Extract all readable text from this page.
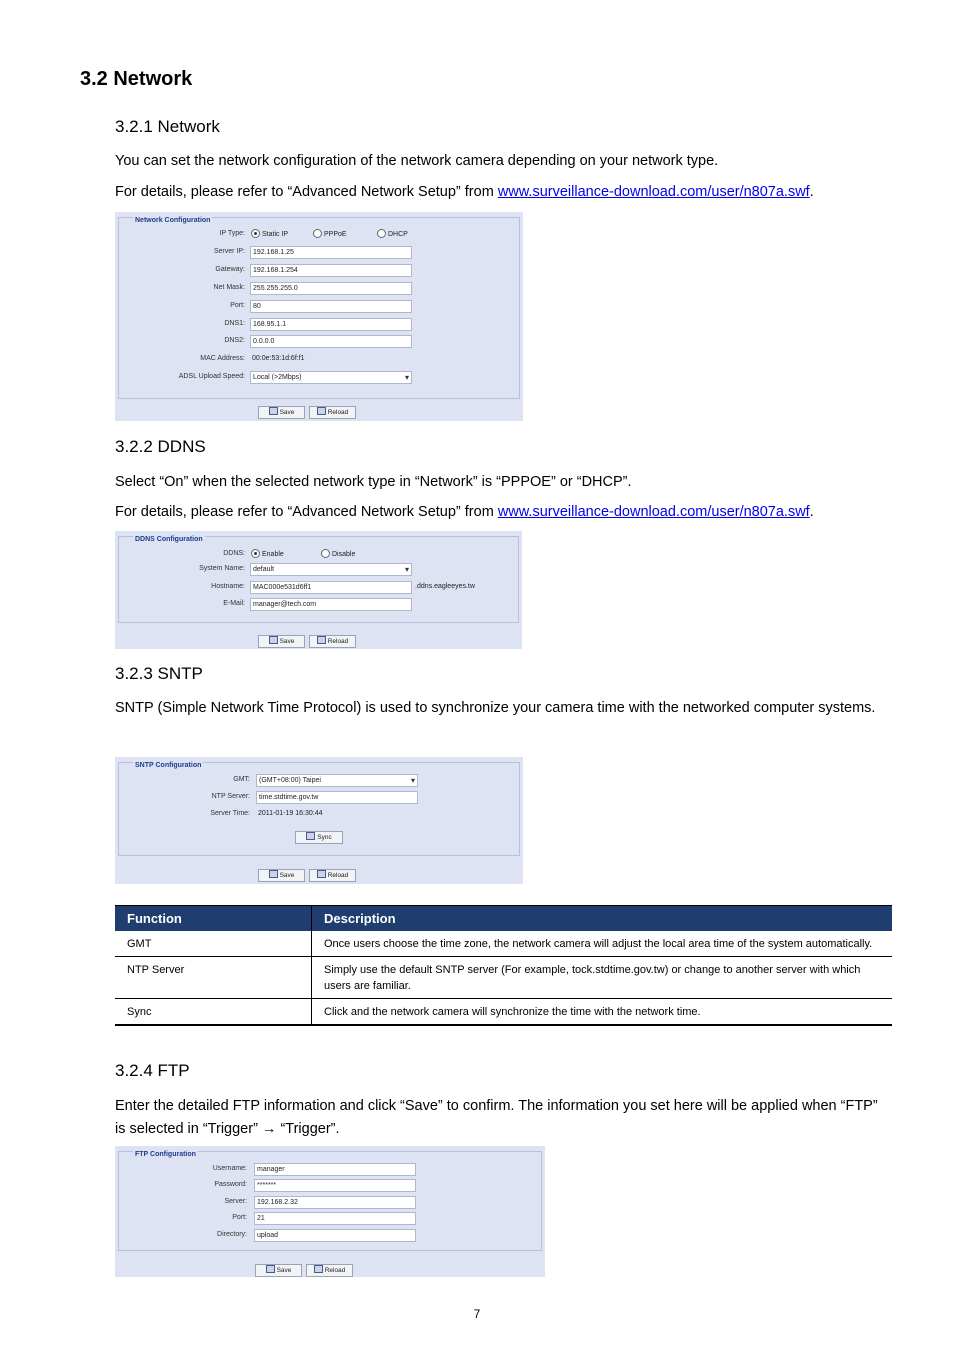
3.2 Network
3.2.1 Network

You can set the network configuration of the network camera depending on your network type.

For details, please refer to “Advanced Network Setup” from www.surveillance-download.com/user/n807a.swf.

Network Configuration
IP Type:	Static IP	PPPoE	DHCP
Server IP:	192.168.1.25
Gateway:	192.168.1.254
Net Mask:	255.255.255.0
Port:	80
DNS1:	168.95.1.1
DNS2:	0.0.0.0
MAC Address: 00:0e:53:1d:6f:f1
ADSL Upload Speed:	Local (>2Mbps) ▾
Save	Reload
3.2.2 DDNS

Select “On” when the selected network type in “Network” is “PPPOE” or “DHCP”.

For details, please refer to “Advanced Network Setup” from www.surveillance-download.com/user/n807a.swf.

DDNS Configuration
DDNS:	Enable	Disable
System Name:	default ▾
Hostname:	MAC000e531d6ff1	.ddns.eagleeyes.tw
E-Mail:	manager@tech.com
Save	Reload
3.2.3 SNTP

SNTP (Simple Network Time Protocol) is used to synchronize your camera time with the networked computer systems.

SNTP Configuration
GMT:	(GMT+08:00) Taipei ▾
NTP Server:	time.stdtime.gov.tw
Server Time: 2011-01-19 16:30:44
Sync
Save	Reload
Function	Description
GMT	Once users choose the time zone, the network camera will adjust the local area time of the system automatically.
NTP Server	Simply use the default SNTP server (For example, tock.stdtime.gov.tw) or change to another server with which users are familiar.
Sync	Click and the network camera will synchronize the time with the network time.
3.2.4 FTP

Enter the detailed FTP information and click “Save” to confirm. The information you set here will be applied when “FTP” is selected in “Trigger” → “Trigger”.

FTP Configuration
Username:	manager
Password:	*******
Server:	192.168.2.32
Port:	21
Directory:	upload
Save	Reload
7
